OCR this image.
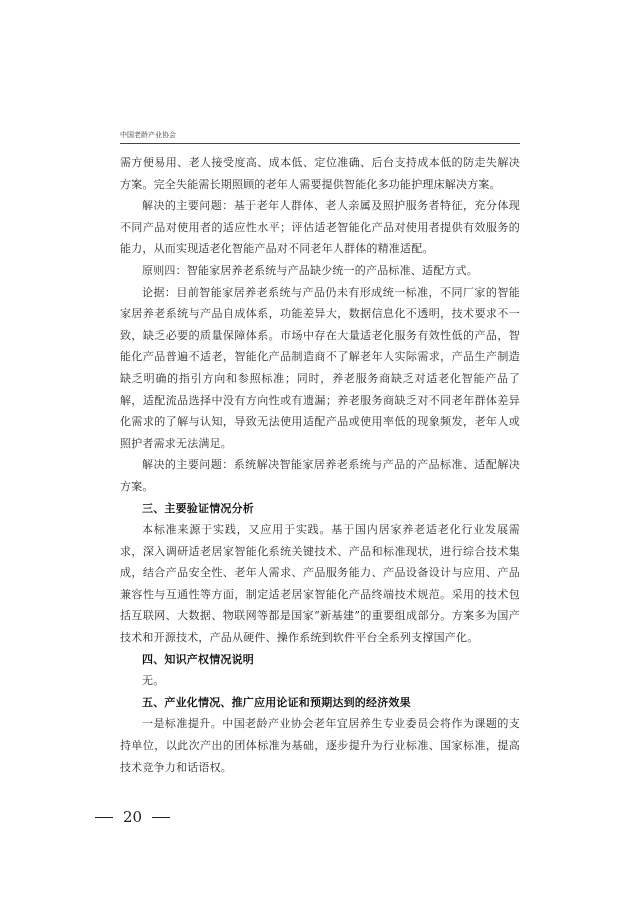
中国老龄产业协会

需方便易用、老人接受度高、成本低、定位准确、后台支持成本低的防走失解决方案。完全失能需长期照顾的老年人需要提供智能化多功能护理床解决方案。

解决的主要问题：基于老年人群体、老人亲属及照护服务者特征，充分体现不同产品对使用者的适应性水平；评估适老智能化产品对使用者提供有效服务的能力，从而实现适老化智能产品对不同老年人群体的精准适配。

原则四：智能家居养老系统与产品缺少统一的产品标准、适配方式。

论据：目前智能家居养老系统与产品仍未有形成统一标准，不同厂家的智能家居养老系统与产品自成体系，功能差异大，数据信息化不透明，技术要求不一致，缺乏必要的质量保障体系。市场中存在大量适老化服务有效性低的产品，智能化产品普遍不适老，智能化产品制造商不了解老年人实际需求，产品生产制造缺乏明确的指引方向和参照标准；同时，养老服务商缺乏对适老化智能产品了解，适配流品选择中没有方向性或有遗漏；养老服务商缺乏对不同老年群体差异化需求的了解与认知，导致无法使用适配产品或使用率低的现象频发，老年人或照护者需求无法满足。

解决的主要问题：系统解决智能家居养老系统与产品的产品标准、适配解决方案。

三、主要验证情况分析

本标准来源于实践，又应用于实践。基于国内居家养老适老化行业发展需求，深入调研适老居家智能化系统关键技术、产品和标准现状，进行综合技术集成，结合产品安全性、老年人需求、产品服务能力、产品设备设计与应用、产品兼容性与互通性等方面，制定适老居家智能化产品终端技术规范。采用的技术包括互联网、大数据、物联网等都是国家“新基建”的重要组成部分。方案多为国产技术和开源技术，产品从硬件、操作系统到软件平台全系列支撑国产化。

四、知识产权情况说明

无。

五、产业化情况、推广应用论证和预期达到的经济效果

一是标准提升。中国老龄产业协会老年宜居养生专业委员会将作为课题的支持单位，以此次产出的团体标准为基础，逐步提升为行业标准、国家标准，提高技术竞争力和话语权。

20
